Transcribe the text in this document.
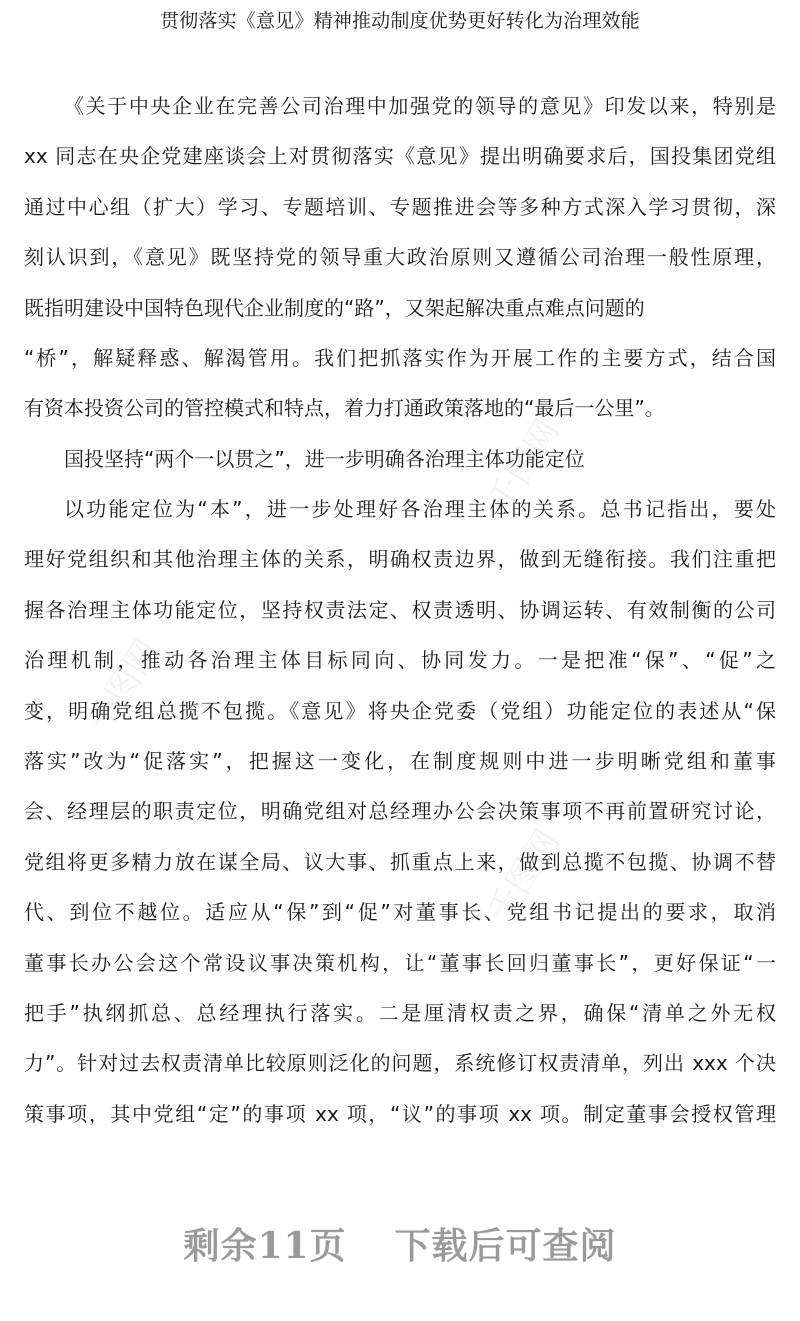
千图网
千图网
千图网
贯彻落实《意见》精神推动制度优势更好转化为治理效能
《关于中央企业在完善公司治理中加强党的领导的意见》印发以来，特别是
xx 同志在央企党建座谈会上对贯彻落实《意见》提出明确要求后，国投集团党组
通过中心组（扩大）学习、专题培训、专题推进会等多种方式深入学习贯彻，深
刻认识到，《意见》既坚持党的领导重大政治原则又遵循公司治理一般性原理，
既指明建设中国特色现代企业制度的“路”，又架起解决重点难点问题的
“桥”，解疑释惑、解渴管用。我们把抓落实作为开展工作的主要方式，结合国
有资本投资公司的管控模式和特点，着力打通政策落地的“最后一公里”。
国投坚持“两个一以贯之”，进一步明确各治理主体功能定位
以功能定位为“本”，进一步处理好各治理主体的关系。总书记指出，要处
理好党组织和其他治理主体的关系，明确权责边界，做到无缝衔接。我们注重把
握各治理主体功能定位，坚持权责法定、权责透明、协调运转、有效制衡的公司
治理机制，推动各治理主体目标同向、协同发力。一是把准“保”、“促”之
变，明确党组总揽不包揽。《意见》将央企党委（党组）功能定位的表述从“保
落实”改为“促落实”，把握这一变化，在制度规则中进一步明晰党组和董事
会、经理层的职责定位，明确党组对总经理办公会决策事项不再前置研究讨论，
党组将更多精力放在谋全局、议大事、抓重点上来，做到总揽不包揽、协调不替
代、到位不越位。适应从“保”到“促”对董事长、党组书记提出的要求，取消
董事长办公会这个常设议事决策机构，让“董事长回归董事长”，更好保证“一
把手”执纲抓总、总经理执行落实。二是厘清权责之界，确保“清单之外无权
力”。针对过去权责清单比较原则泛化的问题，系统修订权责清单，列出 xxx 个决
策事项，其中党组“定”的事项 xx 项，“议”的事项 xx 项。制定董事会授权管理
剩余11页 下载后可查阅
